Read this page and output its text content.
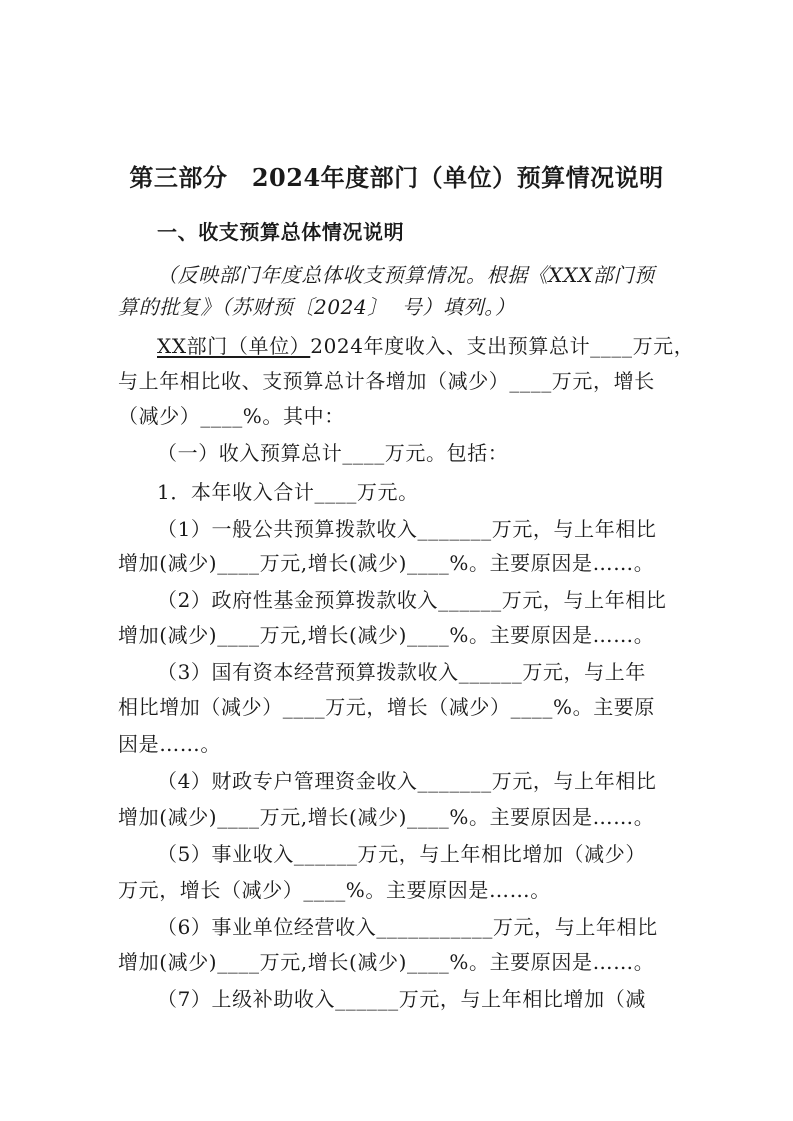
第三部分　2024年度部门（单位）预算情况说明
一、收支预算总体情况说明
（反映部门年度总体收支预算情况。根据《XXX部门预
算的批复》（苏财预〔2024〕  号）填列。）
XX部门（单位）2024年度收入、支出预算总计____万元，
与上年相比收、支预算总计各增加（减少）____万元，增长
（减少）____%。其中：
（一）收入预算总计____万元。包括：
1．本年收入合计____万元。
（1）一般公共预算拨款收入_______万元，与上年相比
增加(减少)____万元,增长(减少)____%。主要原因是……。
（2）政府性基金预算拨款收入______万元，与上年相比
增加(减少)____万元,增长(减少)____%。主要原因是……。
（3）国有资本经营预算拨款收入______万元，与上年
相比增加（减少）____万元，增长（减少）____%。主要原
因是……。
（4）财政专户管理资金收入_______万元，与上年相比
增加(减少)____万元,增长(减少)____%。主要原因是……。
（5）事业收入______万元，与上年相比增加（减少）
万元，增长（减少）____%。主要原因是……。
（6）事业单位经营收入___________万元，与上年相比
增加(减少)____万元,增长(减少)____%。主要原因是……。
（7）上级补助收入______万元，与上年相比增加（减
